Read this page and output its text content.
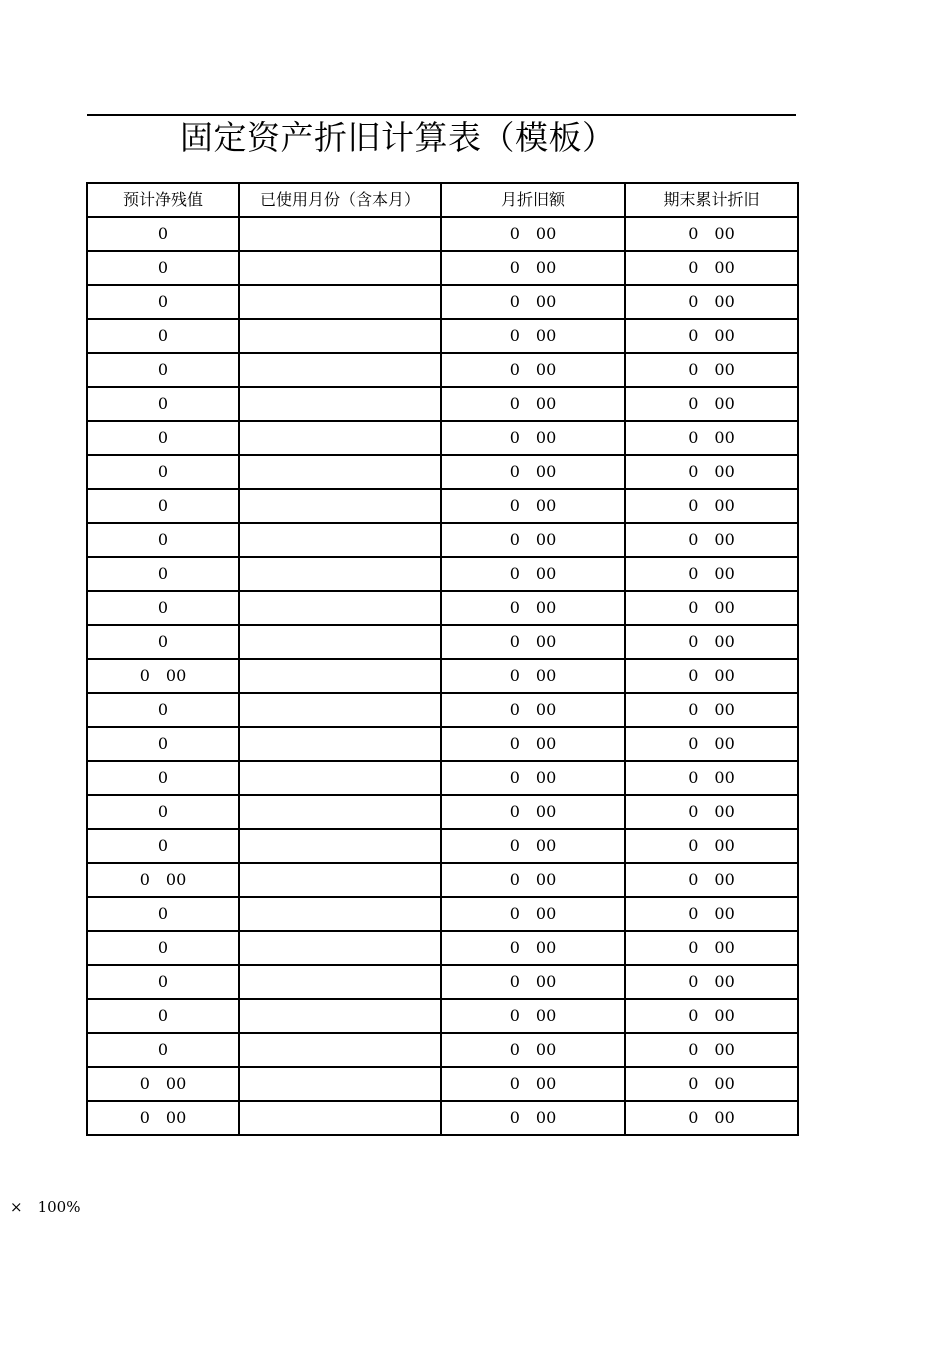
固定资产折旧计算表（模板）
预计净残值	已使用月份（含本月）	月折旧额	期末累计折旧
0		0　00	0　00
0		0　00	0　00
0		0　00	0　00
0		0　00	0　00
0		0　00	0　00
0		0　00	0　00
0		0　00	0　00
0		0　00	0　00
0		0　00	0　00
0		0　00	0　00
0		0　00	0　00
0		0　00	0　00
0		0　00	0　00
0　00		0　00	0　00
0		0　00	0　00
0		0　00	0　00
0		0　00	0　00
0		0　00	0　00
0		0　00	0　00
0　00		0　00	0　00
0		0　00	0　00
0		0　00	0　00
0		0　00	0　00
0		0　00	0　00
0		0　00	0　00
0　00		0　00	0　00
0　00		0　00	0　00
×　100%
